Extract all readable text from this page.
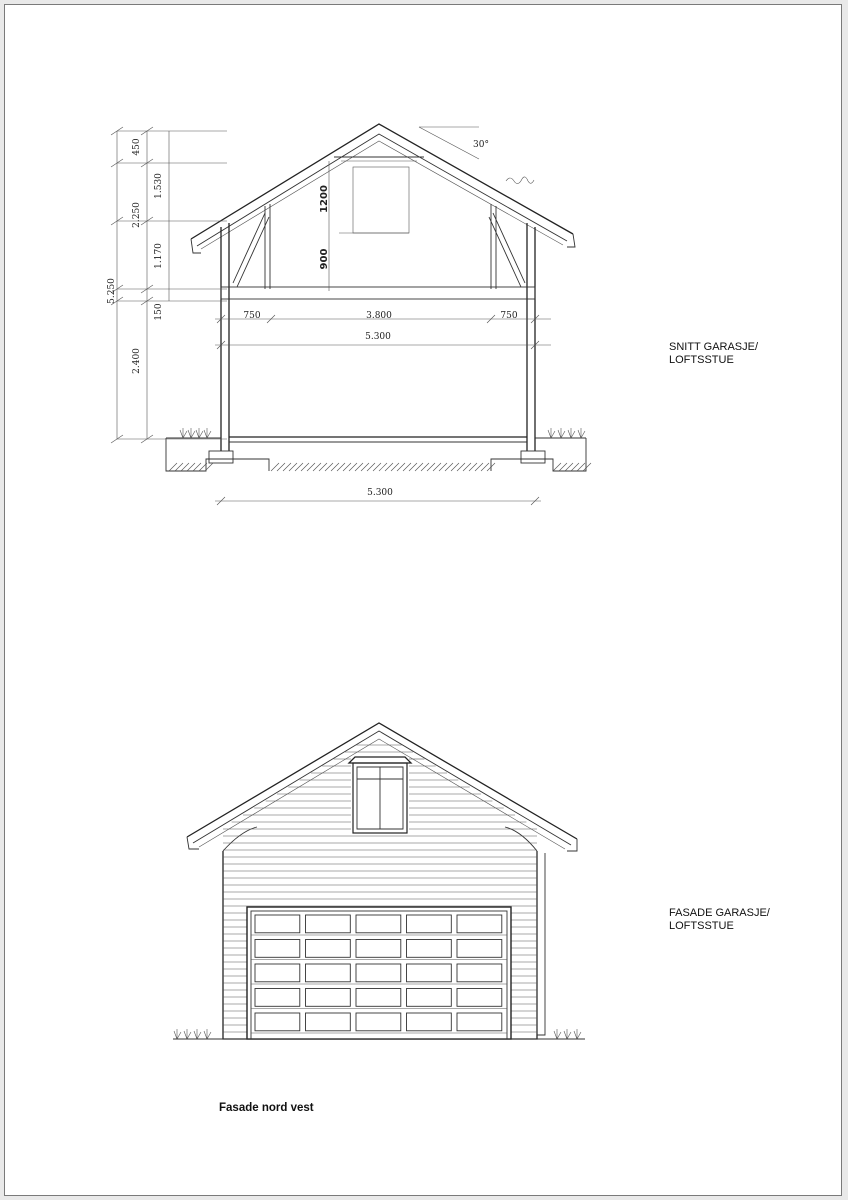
450
2.250
150
2.400
5.250
1.530
1.170
1200
900
750	3.800	750
5.300
5.300
30°
SNITT GARASJE/
LOFTSSTUE
FASADE GARASJE/
LOFTSSTUE
Fasade nord vest
